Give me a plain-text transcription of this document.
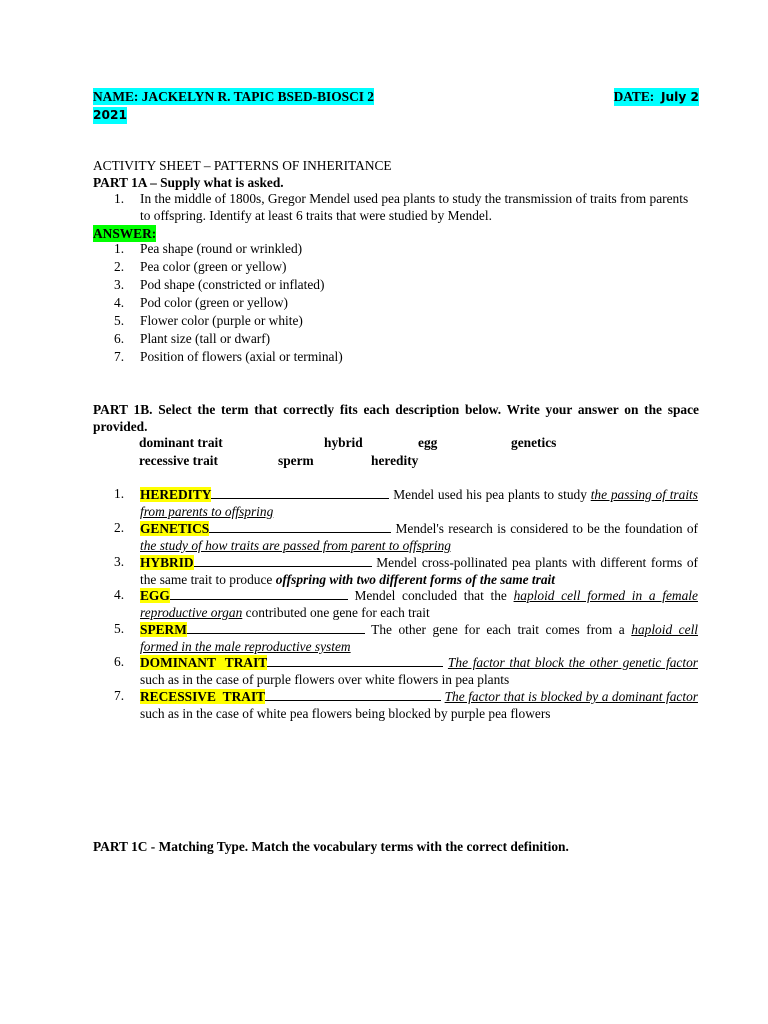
NAME: JACKELYN R. TAPIC BSED-BIOSCI 2	DATE: July 2
2021
ACTIVITY SHEET – PATTERNS OF INHERITANCE
PART 1A – Supply what is asked.
1. In the middle of 1800s, Gregor Mendel used pea plants to study the transmission of traits from parents to offspring. Identify at least 6 traits that were studied by Mendel.
ANSWER:
1. Pea shape (round or wrinkled)
2. Pea color (green or yellow)
3. Pod shape (constricted or inflated)
4. Pod color (green or yellow)
5. Flower color (purple or white)
6. Plant size (tall or dwarf)
7. Position of flowers (axial or terminal)
PART 1B. Select the term that correctly fits each description below. Write your answer on the space provided.
dominant trait	hybrid	egg	genetics
recessive trait	sperm	heredity
1. HEREDITY	Mendel used his pea plants to study the passing of traits from parents to offspring
2. GENETICS	Mendel's research is considered to be the foundation of the study of how traits are passed from parent to offspring
3. HYBRID	Mendel cross-pollinated pea plants with different forms of the same trait to produce offspring with two different forms of the same trait
4. EGG	Mendel concluded that the haploid cell formed in a female reproductive organ contributed one gene for each trait
5. SPERM	The other gene for each trait comes from a haploid cell formed in the male reproductive system
6. DOMINANT  TRAIT	The factor that block the other genetic factor such as in the case of purple flowers over white flowers in pea plants
7. RECESSIVE  TRAIT	The factor that is blocked by a dominant factor such as in the case of white pea flowers being blocked by purple pea flowers
PART 1C - Matching Type. Match the vocabulary terms with the correct definition.
